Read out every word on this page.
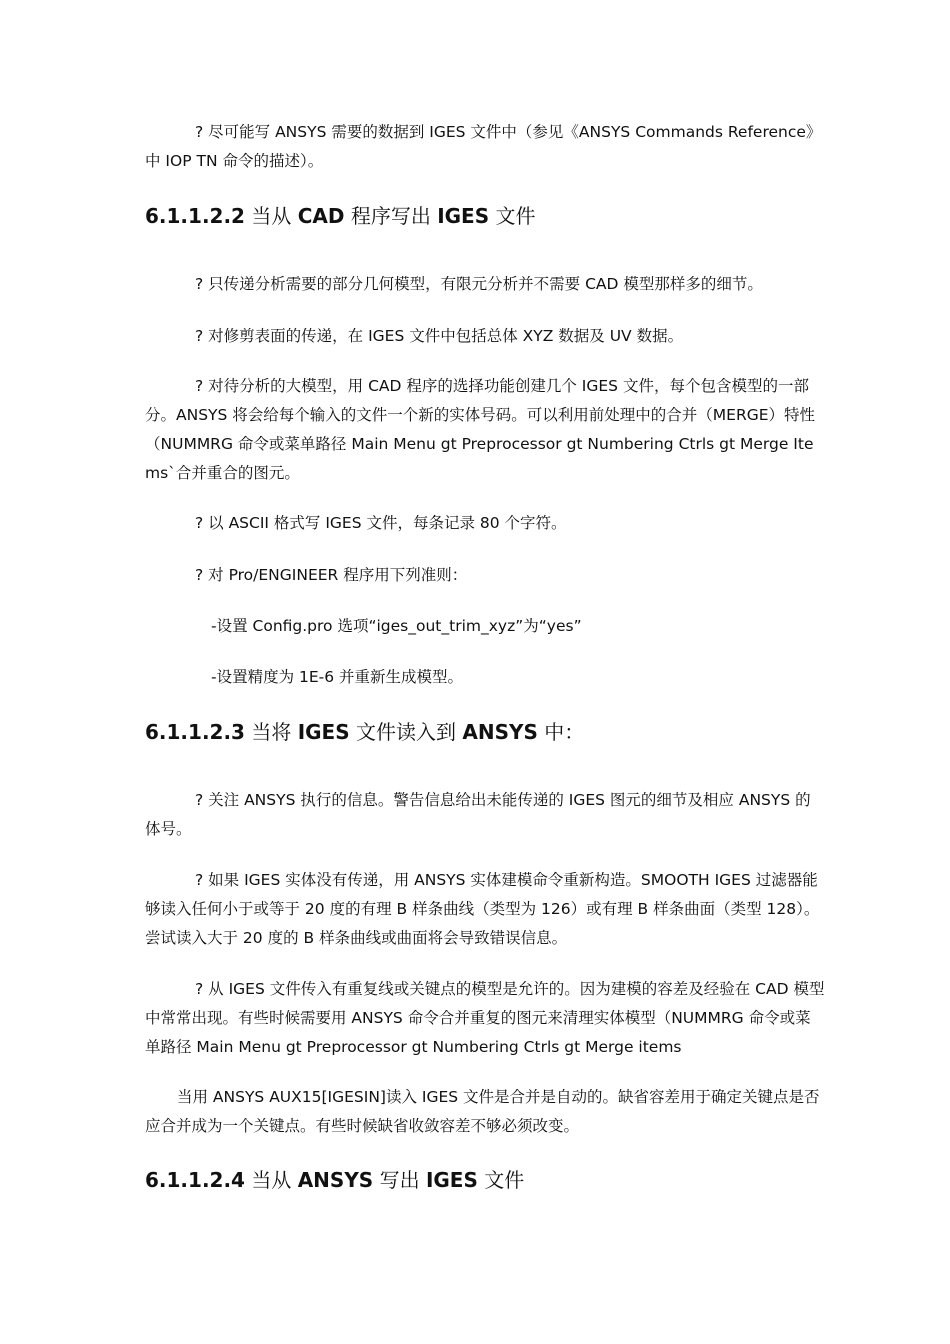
? 尽可能写 ANSYS 需要的数据到 IGES 文件中（参见《ANSYS Commands Reference》中 IOP TN 命令的描述）。

6.1.1.2.2 当从 CAD 程序写出 IGES 文件

? 只传递分析需要的部分几何模型，有限元分析并不需要 CAD 模型那样多的细节。

? 对修剪表面的传递，在 IGES 文件中包括总体 XYZ 数据及 UV 数据。

? 对待分析的大模型，用 CAD 程序的选择功能创建几个 IGES 文件，每个包含模型的一部分。ANSYS 将会给每个输入的文件一个新的实体号码。可以利用前处理中的合并（MERGE）特性（NUMMRG 命令或菜单路径 Main Menu gt Preprocessor gt Numbering Ctrls gt Merge Items`合并重合的图元。

? 以 ASCII 格式写 IGES 文件，每条记录 80 个字符。

? 对 Pro/ENGINEER 程序用下列准则：

-设置 Config.pro 选项“iges_out_trim_xyz”为“yes”

-设置精度为 1E-6 并重新生成模型。

6.1.1.2.3 当将 IGES 文件读入到 ANSYS 中：

? 关注 ANSYS 执行的信息。警告信息给出未能传递的 IGES 图元的细节及相应 ANSYS 的体号。

? 如果 IGES 实体没有传递，用 ANSYS 实体建模命令重新构造。SMOOTH IGES 过滤器能够读入任何小于或等于 20 度的有理 B 样条曲线（类型为 126）或有理 B 样条曲面（类型 128）。尝试读入大于 20 度的 B 样条曲线或曲面将会导致错误信息。

? 从 IGES 文件传入有重复线或关键点的模型是允许的。因为建模的容差及经验在 CAD 模型中常常出现。有些时候需要用 ANSYS 命令合并重复的图元来清理实体模型（NUMMRG 命令或菜单路径 Main Menu gt Preprocessor gt Numbering Ctrls gt Merge items

当用 ANSYS AUX15[IGESIN]读入 IGES 文件是合并是自动的。缺省容差用于确定关键点是否应合并成为一个关键点。有些时候缺省收敛容差不够必须改变。

6.1.1.2.4 当从 ANSYS 写出 IGES 文件
